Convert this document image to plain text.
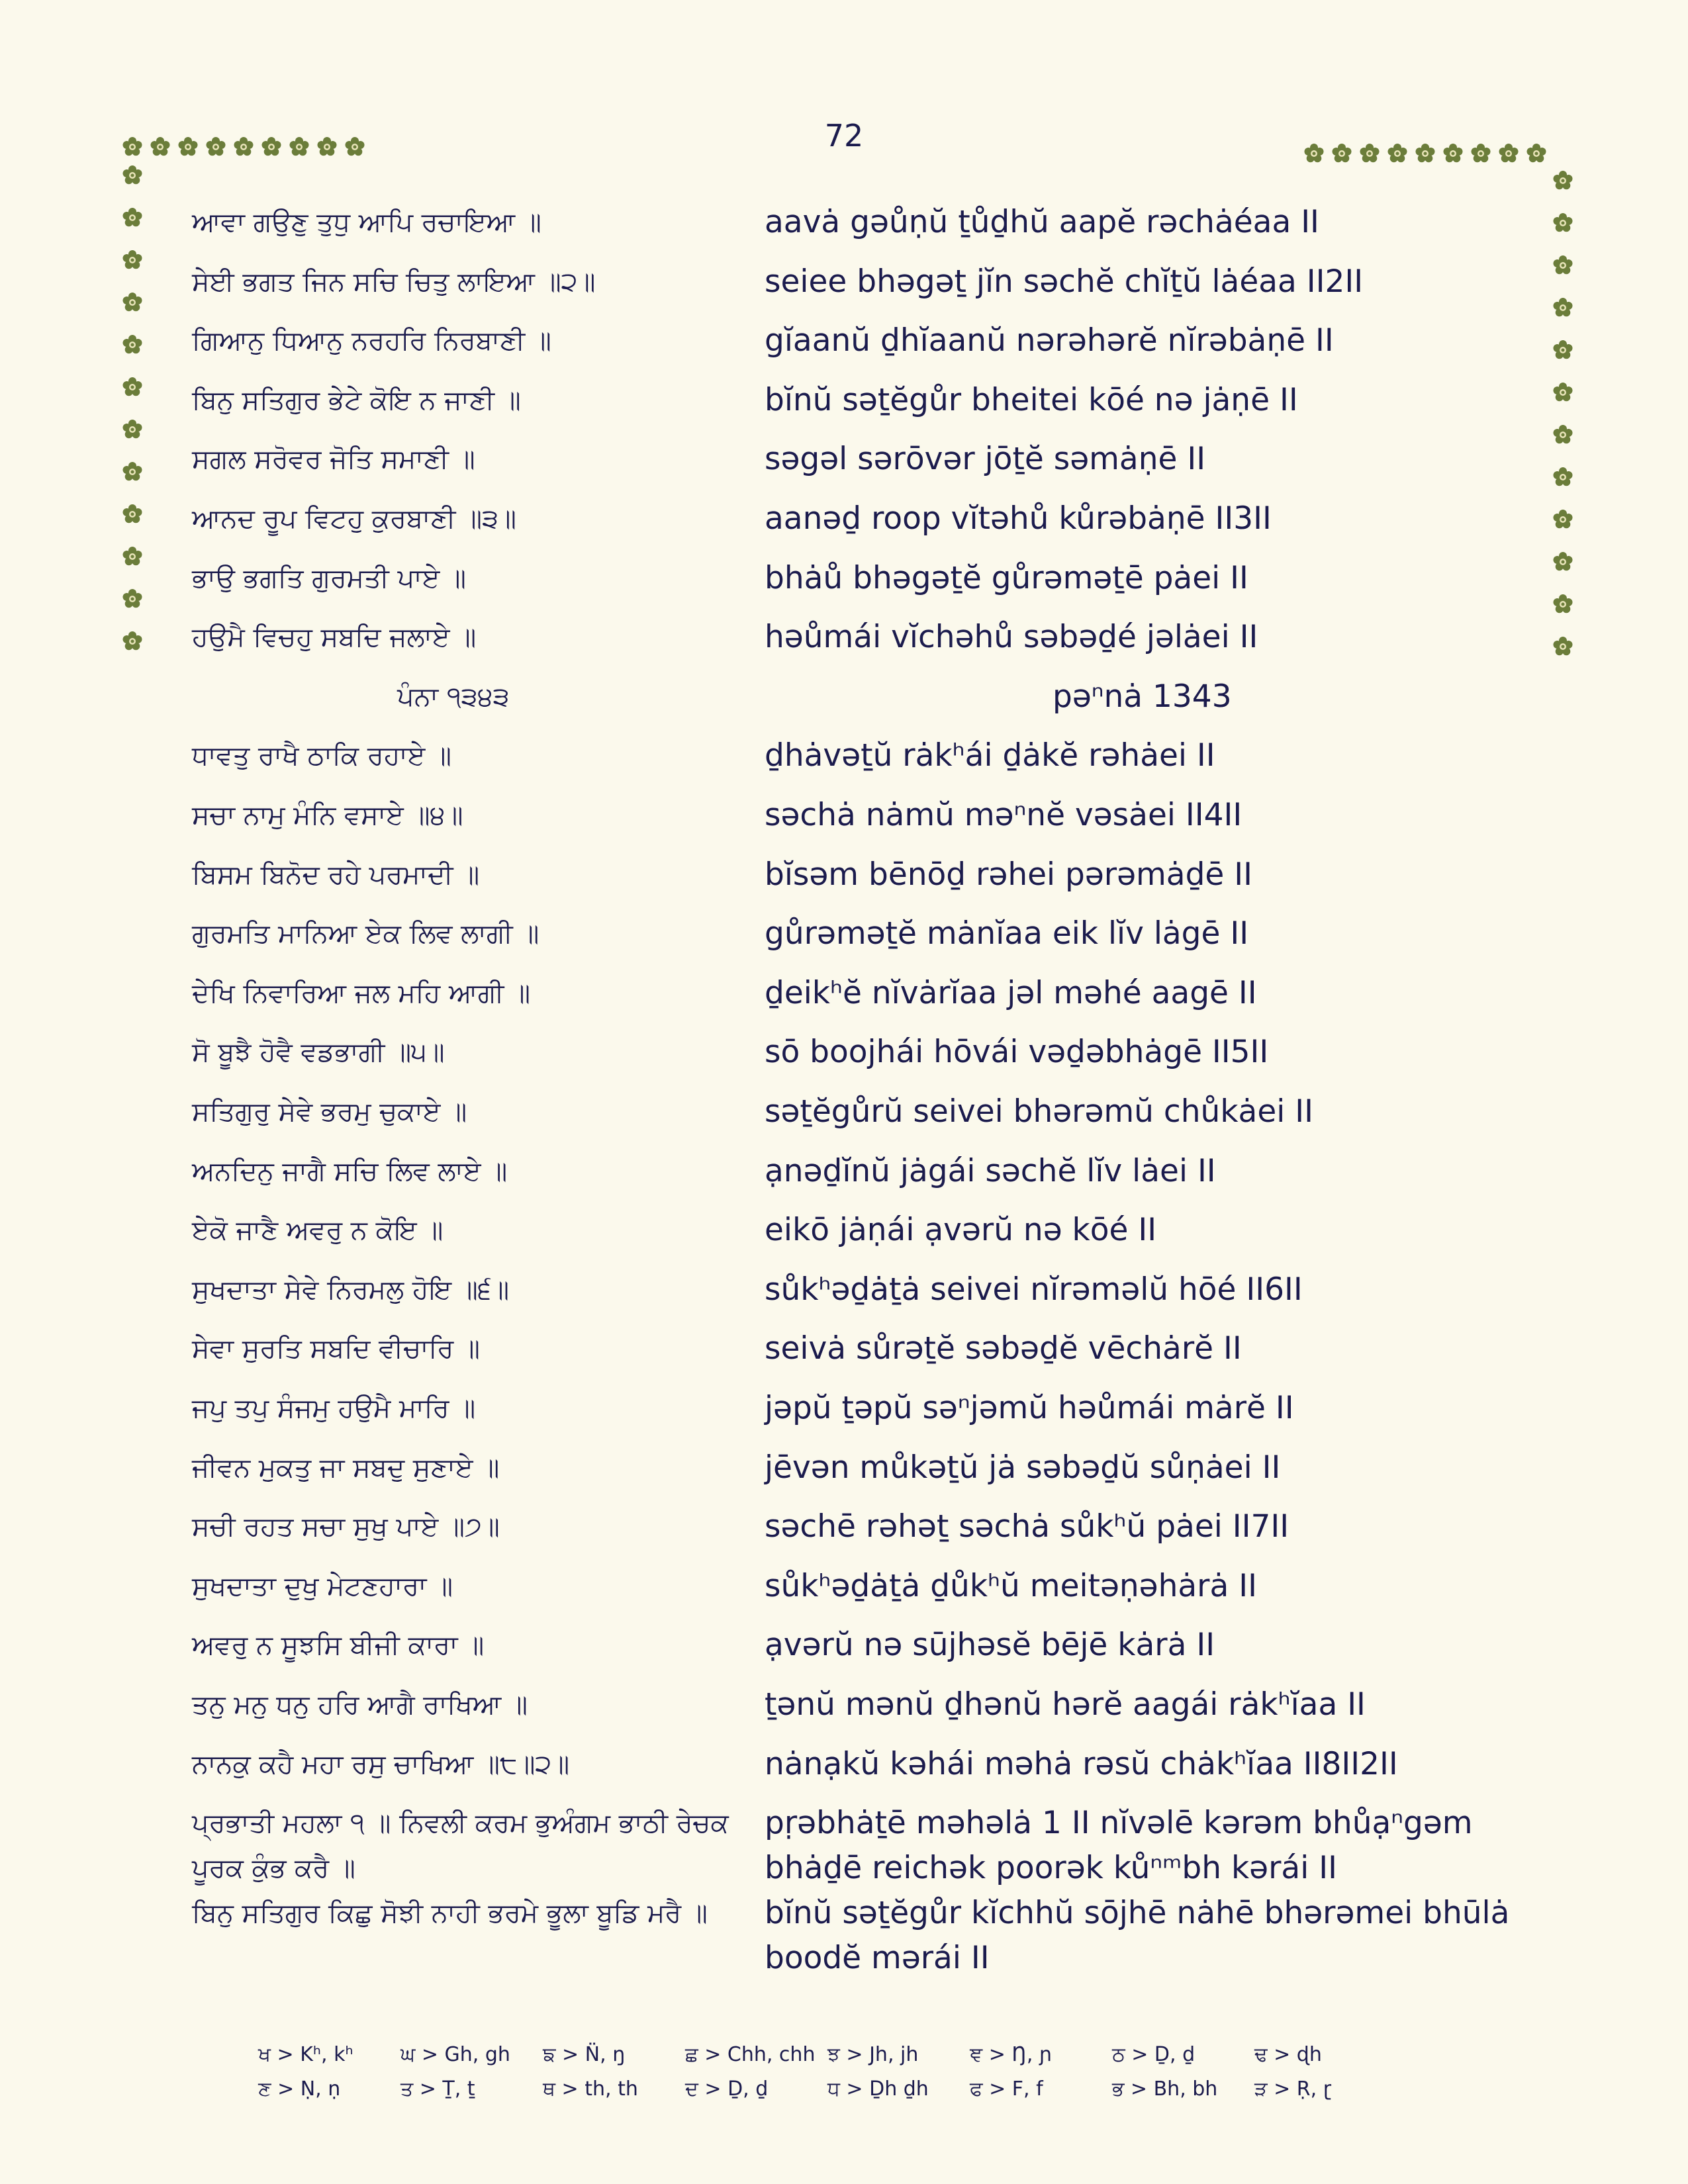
72
ਆਵਾ ਗਉਣੁ ਤੁਧੁ ਆਪਿ ਰਚਾਇਆ ॥	aavȧ gəůṇŭ ṯůḏhŭ aapĕ rəchȧéaa II
ਸੇਈ ਭਗਤ ਜਿਨ ਸਚਿ ਚਿਤੁ ਲਾਇਆ ॥੨॥	seiee bhəgəṯ jĭn səchĕ chĭṯŭ lȧéaa II2II
ਗਿਆਨੁ ਧਿਆਨੁ ਨਰਹਰਿ ਨਿਰਬਾਣੀ ॥	gĭaanŭ ḏhĭaanŭ nərəhərĕ nĭrəbȧṇē II
ਬਿਨੁ ਸਤਿਗੁਰ ਭੇਟੇ ਕੋਇ ਨ ਜਾਣੀ ॥	bĭnŭ səṯĕgůr bheitei kōé nə jȧṇē II
ਸਗਲ ਸਰੋਵਰ ਜੋਤਿ ਸਮਾਣੀ ॥	səgəl sərōvər jōṯĕ səmȧṇē II
ਆਨਦ ਰੂਪ ਵਿਟਹੁ ਕੁਰਬਾਣੀ ॥੩॥	aanəḏ roop vĭtəhů kůrəbȧṇē II3II
ਭਾਉ ਭਗਤਿ ਗੁਰਮਤੀ ਪਾਏ ॥	bhȧů bhəgəṯĕ gůrəməṯē pȧei II
ਹਉਮੈ ਵਿਚਹੁ ਸਬਦਿ ਜਲਾਏ ॥	həůmái vĭchəhů səbəḏé jəlȧei II
ਪੰਨਾ ੧੩੪੩	pəⁿnȧ 1343
ਧਾਵਤੁ ਰਾਖੈ ਠਾਕਿ ਰਹਾਏ ॥	ḏhȧvəṯŭ rȧkʰái ḏȧkĕ rəhȧei II
ਸਚਾ ਨਾਮੁ ਮੰਨਿ ਵਸਾਏ ॥੪॥	səchȧ nȧmŭ məⁿnĕ vəsȧei II4II
ਬਿਸਮ ਬਿਨੋਦ ਰਹੇ ਪਰਮਾਦੀ ॥	bĭsəm bēnōḏ rəhei pərəmȧḏē II
ਗੁਰਮਤਿ ਮਾਨਿਆ ਏਕ ਲਿਵ ਲਾਗੀ ॥	gůrəməṯĕ mȧnĭaa eik lĭv lȧgē II
ਦੇਖਿ ਨਿਵਾਰਿਆ ਜਲ ਮਹਿ ਆਗੀ ॥	ḏeikʰĕ nĭvȧrĭaa jəl məhé aagē II
ਸੋ ਬੂਝੈ ਹੋਵੈ ਵਡਭਾਗੀ ॥੫॥	sō boojhái hōvái vəḏəbhȧgē II5II
ਸਤਿਗੁਰੁ ਸੇਵੇ ਭਰਮੁ ਚੁਕਾਏ ॥	səṯĕgůrŭ seivei bhərəmŭ chůkȧei II
ਅਨਦਿਨੁ ਜਾਗੈ ਸਚਿ ਲਿਵ ਲਾਏ ॥	ạnəḏĭnŭ jȧgái səchĕ lĭv lȧei II
ਏਕੋ ਜਾਣੈ ਅਵਰੁ ਨ ਕੋਇ ॥	eikō jȧṇái ạvərŭ nə kōé II
ਸੁਖਦਾਤਾ ਸੇਵੇ ਨਿਰਮਲੁ ਹੋਇ ॥੬॥	sůkʰəḏȧṯȧ seivei nĭrəməlŭ hōé II6II
ਸੇਵਾ ਸੁਰਤਿ ਸਬਦਿ ਵੀਚਾਰਿ ॥	seivȧ sůrəṯĕ səbəḏĕ vēchȧrĕ II
ਜਪੁ ਤਪੁ ਸੰਜਮੁ ਹਉਮੈ ਮਾਰਿ ॥	jəpŭ ṯəpŭ səⁿjəmŭ həůmái mȧrĕ II
ਜੀਵਨ ਮੁਕਤੁ ਜਾ ਸਬਦੁ ਸੁਣਾਏ ॥	jēvən můkəṯŭ jȧ səbəḏŭ sůṇȧei II
ਸਚੀ ਰਹਤ ਸਚਾ ਸੁਖੁ ਪਾਏ ॥੭॥	səchē rəhəṯ səchȧ sůkʰŭ pȧei II7II
ਸੁਖਦਾਤਾ ਦੁਖੁ ਮੇਟਣਹਾਰਾ ॥	sůkʰəḏȧṯȧ ḏůkʰŭ meitəṇəhȧrȧ II
ਅਵਰੁ ਨ ਸੂਝਸਿ ਬੀਜੀ ਕਾਰਾ ॥	ạvərŭ nə sūjhəsĕ bējē kȧrȧ II
ਤਨੁ ਮਨੁ ਧਨੁ ਹਰਿ ਆਗੈ ਰਾਖਿਆ ॥	ṯənŭ mənŭ ḏhənŭ hərĕ aagái rȧkʰĭaa II
ਨਾਨਕੁ ਕਹੈ ਮਹਾ ਰਸੁ ਚਾਖਿਆ ॥੮॥੨॥	nȧnạkŭ kəhái məhȧ rəsŭ chȧkʰĭaa II8II2II
ਪ੍ਰਭਾਤੀ ਮਹਲਾ ੧ ॥ ਨਿਵਲੀ ਕਰਮ ਭੁਅੰਗਮ ਭਾਠੀ ਰੇਚਕ ਪੂਰਕ ਕੁੰਭ ਕਰੈ ॥
pṛəbhȧṯē məhəlȧ 1 II nĭvəlē kərəm bhůạⁿgəm bhȧḏē reichək poorək kůⁿᵐbh kərái II
ਬਿਨੁ ਸਤਿਗੁਰ ਕਿਛੁ ਸੋਝੀ ਨਾਹੀ ਭਰਮੇ ਭੂਲਾ ਬੂਡਿ ਮਰੈ ॥	bĭnŭ səṯĕgůr kĭchhŭ sōjhē nȧhē bhərəmei bhūlȧ boodĕ mərái II
ਖ > Kʰ, kʰ	ਘ > Gh, gh	ਙ > N̈, ŋ	ਛ > Chh, chh ਝ > Jh, jh	ਞ > Ŋ, ɲ	ਠ > Ḏ, ḏ	ਢ > ɖh
ਣ > Ṇ, ṇ	ਤ > Ṯ, ṯ	ਥ > th, th	ਦ > Ḏ, ḏ	ਧ > Ḏh ḏh	ਫ > F, f	ਭ > Bh, bh	ੜ > Ṛ, ɽ
